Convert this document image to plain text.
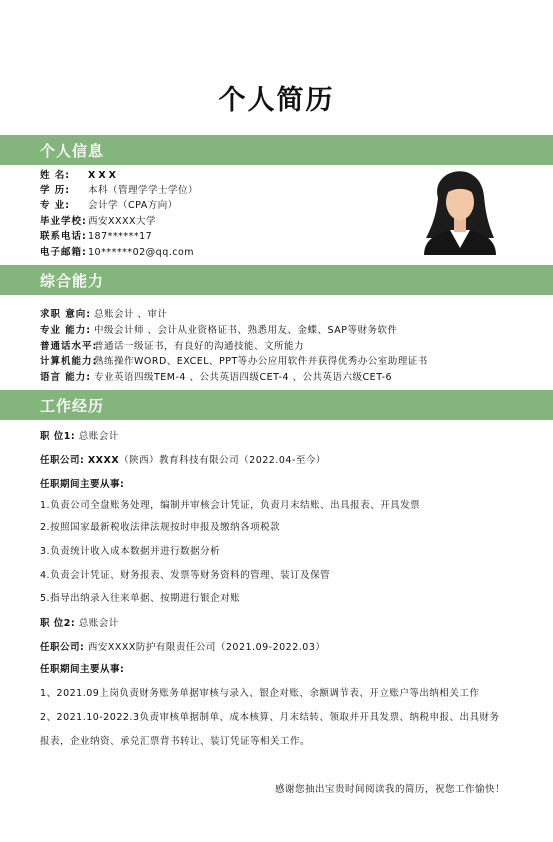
个人简历
个人信息
姓 名: XXX
学 历: 本科（管理学学士学位）
专 业: 会计学（CPA方向）
毕业学校:西安XXXX大学
联系电话:187******17
电子邮箱:10******02@qq.com
综合能力
求职 意向: 总账会计 、审计
专业 能力: 中级会计师 、会计从业资格证书、熟悉用友、金蝶、SAP等财务软件
普通话水平:普通话一级证书，有良好的沟通技能、文所能力
计算机能力:熟练操作WORD、EXCEL、PPT等办公应用软件并获得优秀办公室助理证书
语言 能力: 专业英语四级TEM-4 、公共英语四级CET-4 、公共英语六级CET-6
工作经历
职 位1: 总账会计
任职公司: XXXX（陕西）教育科技有限公司（2022.04-至今）
任职期间主要从事:
1.负责公司全盘账务处理，编制并审核会计凭证，负责月末结账、出具报表、开具发票
2.按照国家最新税收法律法规按时申报及缴纳各项税款
3.负责统计收入成本数据并进行数据分析
4.负责会计凭证、财务报表、发票等财务资料的管理、装订及保管
5.指导出纳录入往来单据、按期进行银企对账
职 位2: 总账会计
任职公司: 西安XXXX防护有限责任公司（2021.09-2022.03）
任职期间主要从事:
1、2021.09上岗负责财务账务单据审核与录入、银企对账、余额调节表、开立账户等出纳相关工作
2、2021.10-2022.3负责审核单据制单、成本核算、月末结转、领取并开具发票、纳税申报、出具财务
报表，企业纳资、承兑汇票背书转让、装订凭证等相关工作。
感谢您抽出宝贵时间阅读我的简历，祝您工作愉快！
